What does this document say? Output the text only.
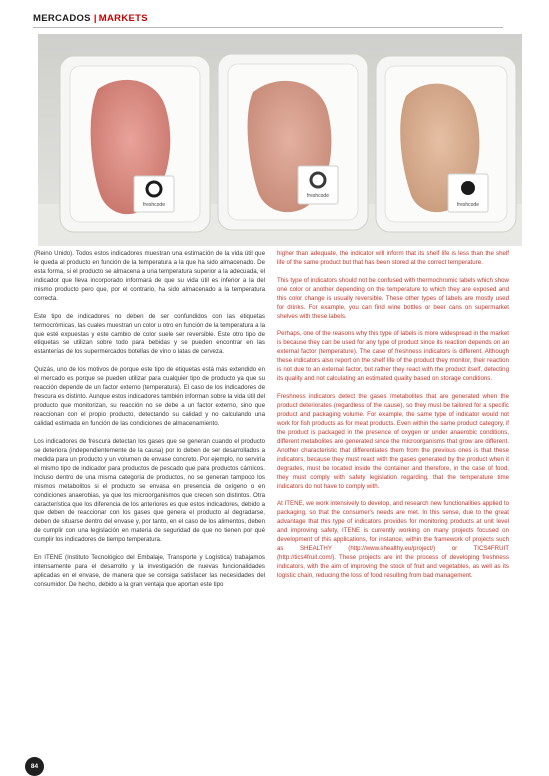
MERCADOS | MARKETS
freshcode
freshcode
freshcode

(Reino Unido). Todos estos indicadores muestran una estimación de la vida útil que le queda al producto en función de la temperatura a la que ha sido almacenado. De esta forma, si el producto se almacena a una temperatura superior a la adecuada, el indicador que lleva incorporado informará de que su vida útil es inferior a la del mismo producto pero que, por el contrario, ha sido almacenado a la temperatura correcta.

Este tipo de indicadores no deben de ser confundidos con las etiquetas termocrómicas, las cuales muestran un color u otro en función de la temperatura a la que esté expuestas y este cambio de color suele ser reversible. Este otro tipo de etiquetas se utilizan sobre todo para bebidas y se pueden encontrar en las estanterías de los supermercados botellas de vino o latas de cerveza.

Quizás, uno de los motivos de porque este tipo de etiquetas está más extendido en el mercado es porque se pueden utilizar para cualquier tipo de producto ya que su reacción depende de un factor externo (temperatura). El caso de los indicadores de frescura es distinto. Aunque estos indicadores también informan sobre la vida útil del producto que monitorizan, su reacción no se debe a un factor externo, sino que reaccionan con el propio producto, detectando su calidad y no calculando una calidad estimada en función de las condiciones de almacenamiento.

Los indicadores de frescura detectan los gases que se generan cuando el producto se deteriora (independientemente de la causa) por lo deben de ser desarrollados a medida para un producto y un volumen de envase concreto. Por ejemplo, no serviría el mismo tipo de indicador para productos de pescado que para productos cárnicos. Incluso dentro de una misma categoría de productos, no se generan tampoco los mismos metabolitos si el producto se envasa en presencia de oxígeno o en condiciones anaerobias, ya que los microorganismos que crecen son distintos. Otra característica que los diferencia de los anteriores es que estos indicadores, debido a que deben de reaccionar con los gases que genera el producto al degradarse, deben de situarse dentro del envase y, por tanto, en el caso de los alimentos, deben de cumplir con una legislación en materia de seguridad de que no tienen por qué cumplir los indicadores de tiempo temperatura.

En ITENE (Instituto Tecnológico del Embalaje, Transporte y Logística) trabajamos intensamente para el desarrollo y la investigación de nuevas funcionalidades aplicadas en el envase, de manera que se consiga satisfacer las necesidades del consumidor. De hecho, debido a la gran ventaja que aportan este tipo

higher than adequate, the indicator will inform that its shelf life is less than the shelf life of the same product but that has been stored at the correct temperature.

This type of indicators should not be confused with thermochromic labels which show one color or another depending on the temperature to which they are exposed and this color change is usually reversible. These other types of labels are mostly used for drinks. For example, you can find wine bottles or beer cans on supermarket shelves with these labels.

Perhaps, one of the reasons why this type of labels is more widespread in the market is because they can be used for any type of product since its reaction depends on an external factor (temperature). The case of freshness indicators is different. Although these indicators also report on the shelf life of the product they monitor, their reaction is not due to an external factor, but rather they react with the product itself, detecting its quality and not calculating an estimated quality based on storage conditions.

Freshness indicators detect the gases /metabolites that are generated when the product deteriorates (regardless of the cause), so they must be tailored for a specific product and packaging volume. For example, the same type of indicator would not work for fish products as for meat products. Even within the same product category, if the product is packaged in the presence of oxygen or under anaerobic conditions, different metabolites are generated since the microorganisms that grow are different. Another characteristic that differentiates them from the previous ones is that these indicators, because they must react with the gases generated by the product when it degrades, must be located inside the container and therefore, in the case of food, they must comply with safety legislation regarding, that the temperature time indicators do not have to comply with.

At ITENE, we work intensively to develop, and research new functionalities applied to packaging, so that the consumer's needs are met. In this sense, due to the great advantage that this type of indicators provides for monitoring products at unit level and improving safety, ITENE is currently working on many projects focused on development of this applications, for instance, within the framework of projects such as SHEALTHY (http://www.shealthy.eu/project/) or TICS4FRUIT (http://tics4fruit.com/). These projects are int the process of developing freshness indicators, with the aim of improving the stock of fruit and vegetables, as well as its logistic chain, reducing the loss of food resulting from bad management.

84
